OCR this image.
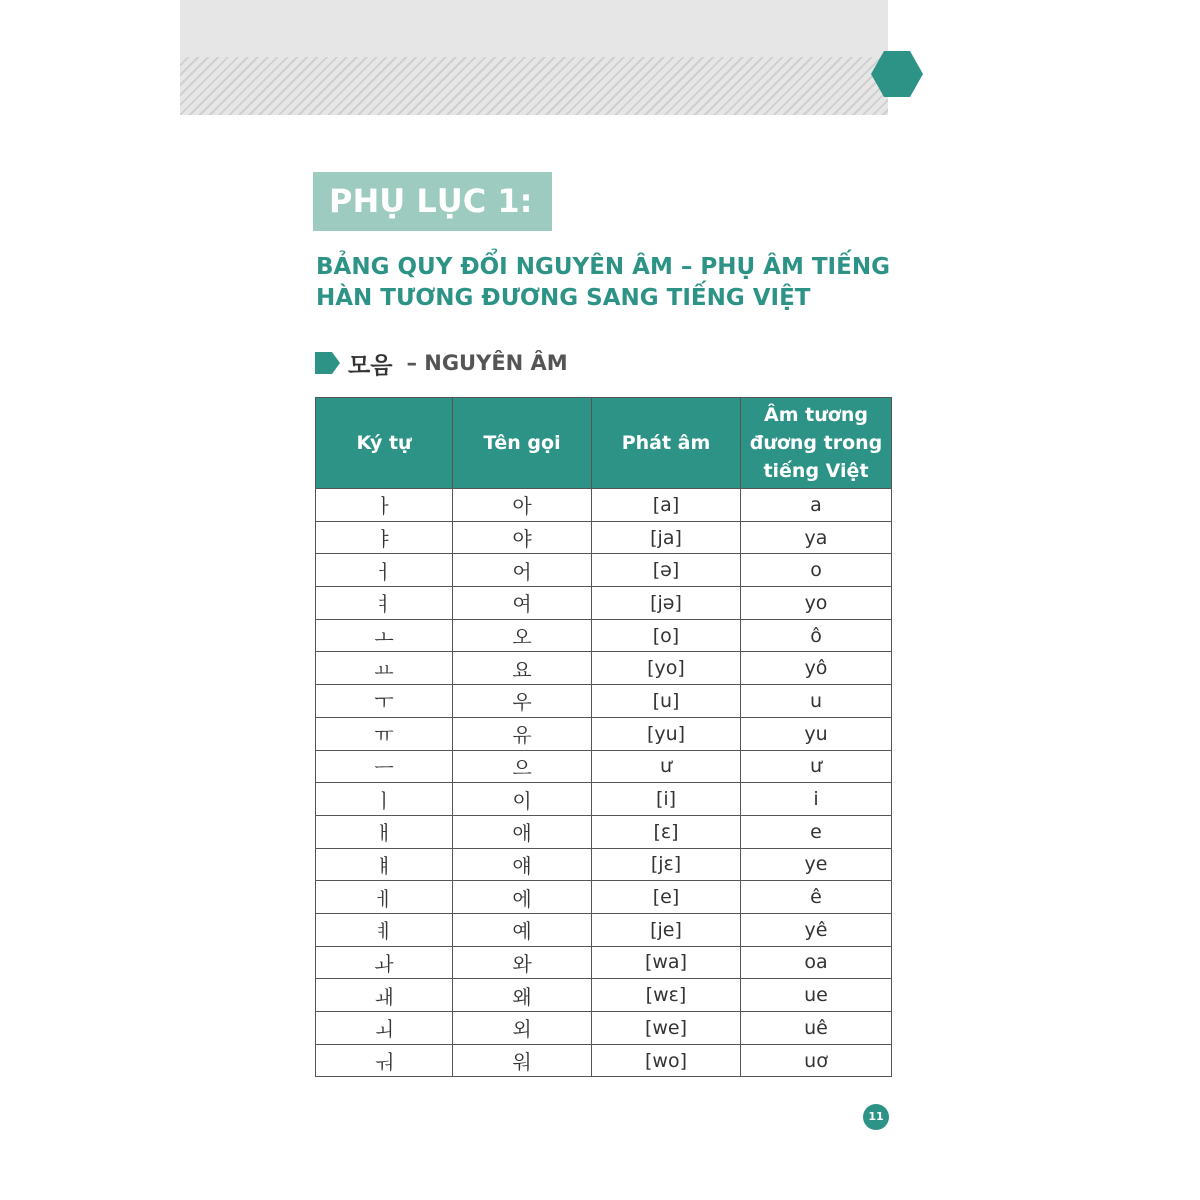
PHỤ LỤC 1:
BẢNG QUY ĐỔI NGUYÊN ÂM – PHỤ ÂM TIẾNG
HÀN TƯƠNG ĐƯƠNG SANG TIẾNG VIỆT
모음 – NGUYÊN ÂM
Ký tự	Tên gọi	Phát âm	Âm tương đương trong tiếng Việt
ㅏ	아	[a]	a
ㅑ	야	[ja]	ya
ㅓ	어	[ə]	o
ㅕ	여	[jə]	yo
ㅗ	오	[o]	ô
ㅛ	요	[yo]	yô
ㅜ	우	[u]	u
ㅠ	유	[yu]	yu
ㅡ	으	ư	ư
ㅣ	이	[i]	i
ㅐ	애	[ɛ]	e
ㅒ	얘	[jɛ]	ye
ㅔ	에	[e]	ê
ㅖ	예	[je]	yê
ㅘ	와	[wa]	oa
ㅙ	왜	[wɛ]	ue
ㅚ	외	[we]	uê
ㅝ	워	[wo]	uơ
11
